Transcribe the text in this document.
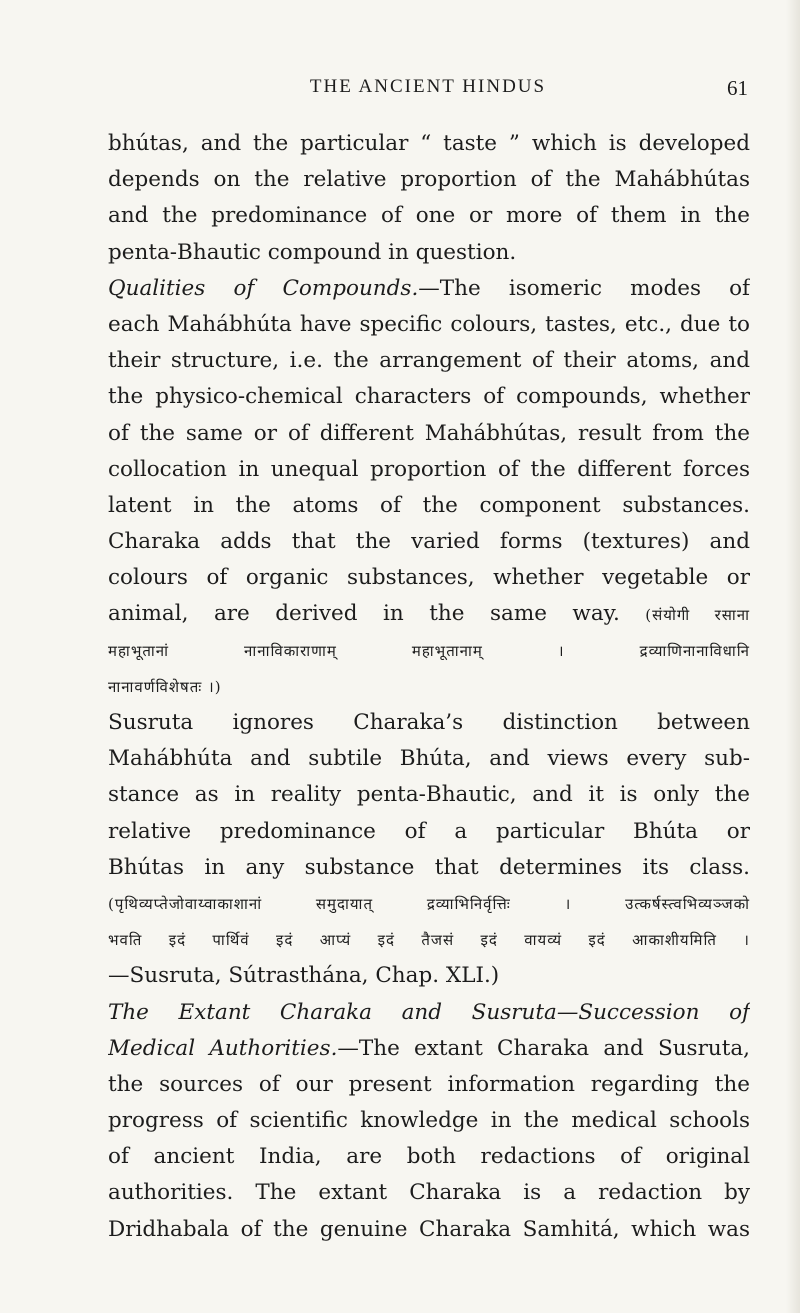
THE ANCIENT HINDUS	61
bhútas, and the particular “ taste ” which is developed
depends on the relative proportion of the Mahábhútas
and the predominance of one or more of them in the
penta-Bhautic compound in question.
Qualities of Compounds.—The isomeric modes of
each Mahábhúta have specific colours, tastes, etc., due to
their structure, i.e. the arrangement of their atoms, and
the physico-chemical characters of compounds, whether
of the same or of different Mahábhútas, result from the
collocation in unequal proportion of the different forces
latent in the atoms of the component substances.
Charaka adds that the varied forms (textures) and
colours of organic substances, whether vegetable or
animal, are derived in the same way. (संयोगी रसाना
महाभूतानां नानाविकाराणाम् महाभूतानाम् । द्रव्याणिनानाविधानि
नानावर्णविशेषतः ।)
Susruta ignores Charaka’s distinction between
Mahábhúta and subtile Bhúta, and views every sub-
stance as in reality penta-Bhautic, and it is only the
relative predominance of a particular Bhúta or
Bhútas in any substance that determines its class.
(पृथिव्यप्तेजोवाय्वाकाशानां समुदायात् द्रव्याभिनिर्वृत्तिः । उत्कर्षस्त्वभिव्यञ्जको
भवति इदं पार्थिवं इदं आप्यं इदं तैजसं इदं वायव्यं इदं आकाशीयमिति ।
—Susruta, Sútrasthána, Chap. XLI.)
The Extant Charaka and Susruta—Succession of
Medical Authorities.—The extant Charaka and Susruta,
the sources of our present information regarding the
progress of scientific knowledge in the medical schools
of ancient India, are both redactions of original
authorities. The extant Charaka is a redaction by
Dridhabala of the genuine Charaka Samhitá, which was
